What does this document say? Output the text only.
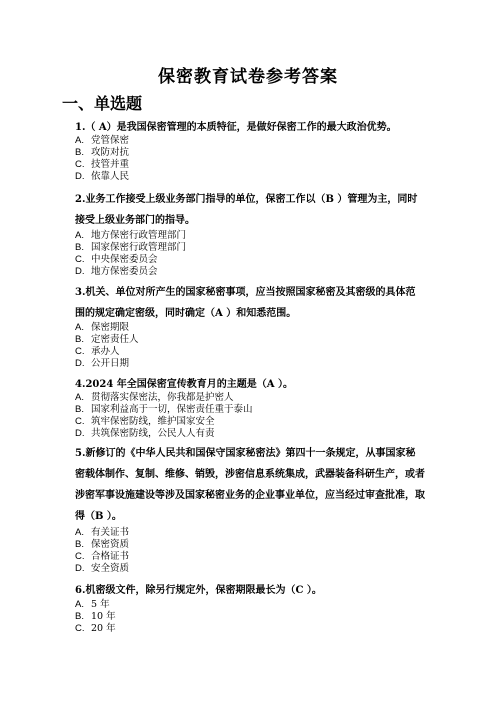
保密教育试卷参考答案
一、单选题
1.（ A）是我国保密管理的本质特征，是做好保密工作的最大政治优势。
A. 党管保密
B. 攻防对抗
C. 技管并重
D. 依靠人民
2.业务工作接受上级业务部门指导的单位，保密工作以（B ）管理为主，同时接受上级业务部门的指导。
A. 地方保密行政管理部门
B. 国家保密行政管理部门
C. 中央保密委员会
D. 地方保密委员会
3.机关、单位对所产生的国家秘密事项，应当按照国家秘密及其密级的具体范围的规定确定密级，同时确定（A ）和知悉范围。
A. 保密期限
B. 定密责任人
C. 承办人
D. 公开日期
4.2024 年全国保密宣传教育月的主题是（A ）。
A. 贯彻落实保密法，你我都是护密人
B. 国家利益高于一切，保密责任重于泰山
C. 筑牢保密防线，维护国家安全
D. 共筑保密防线，公民人人有责
5.新修订的《中华人民共和国保守国家秘密法》第四十一条规定，从事国家秘密载体制作、复制、维修、销毁，涉密信息系统集成，武器装备科研生产，或者涉密军事设施建设等涉及国家秘密业务的企业事业单位，应当经过审查批准，取得（B ）。
A. 有关证书
B. 保密资质
C. 合格证书
D. 安全资质
6.机密级文件，除另行规定外，保密期限最长为（C ）。
A. 5 年
B. 10 年
C. 20 年
